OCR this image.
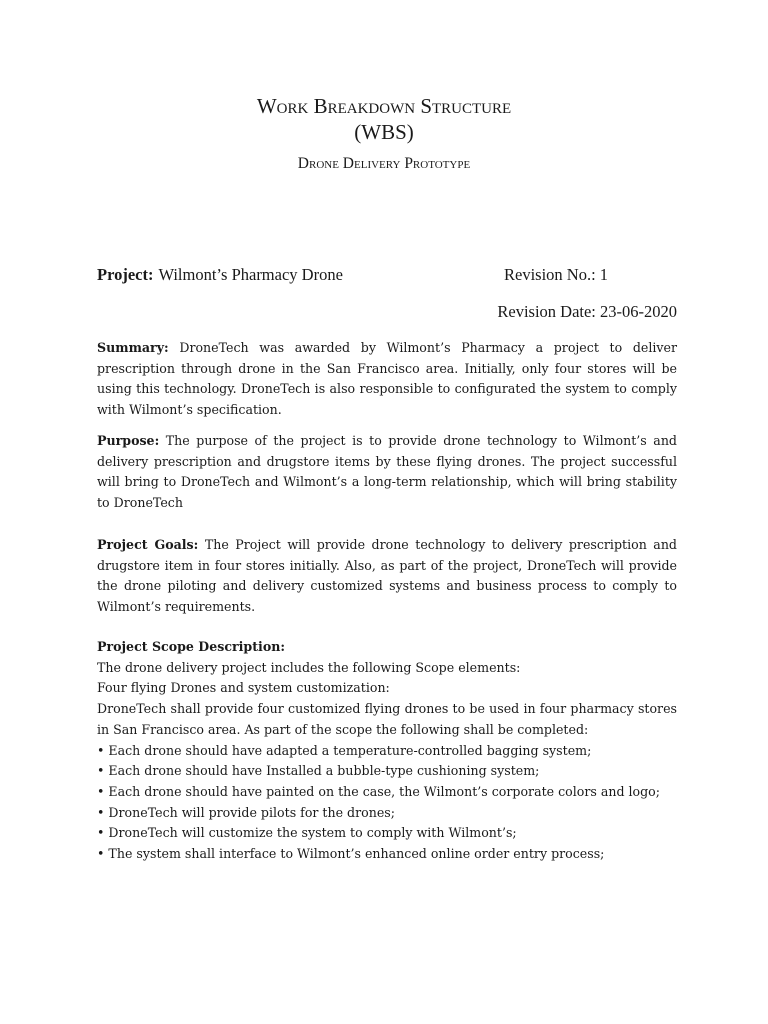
Work Breakdown Structure
(WBS)
Drone Delivery Prototype
Project: Wilmont’s Pharmacy Drone	Revision No.: 1
Revision Date: 23-06-2020

Summary: DroneTech was awarded by Wilmont’s Pharmacy a project to deliver prescription through drone in the San Francisco area. Initially, only four stores will be using this technology. DroneTech is also responsible to configurated the system to comply with Wilmont’s specification.

Purpose: The purpose of the project is to provide drone technology to Wilmont’s and delivery prescription and drugstore items by these flying drones. The project successful will bring to DroneTech and Wilmont’s a long-term relationship, which will bring stability to DroneTech

Project Goals: The Project will provide drone technology to delivery prescription and drugstore item in four stores initially. Also, as part of the project, DroneTech will provide the drone piloting and delivery customized systems and business process to comply to Wilmont’s requirements.

Project Scope Description:
The drone delivery project includes the following Scope elements:
Four flying Drones and system customization:
DroneTech shall provide four customized flying drones to be used in four pharmacy stores in San Francisco area. As part of the scope the following shall be completed:
• Each drone should have adapted a temperature-controlled bagging system;
• Each drone should have Installed a bubble-type cushioning system;
• Each drone should have painted on the case, the Wilmont’s corporate colors and logo;
• DroneTech will provide pilots for the drones;
• DroneTech will customize the system to comply with Wilmont’s;
• The system shall interface to Wilmont’s enhanced online order entry process;
